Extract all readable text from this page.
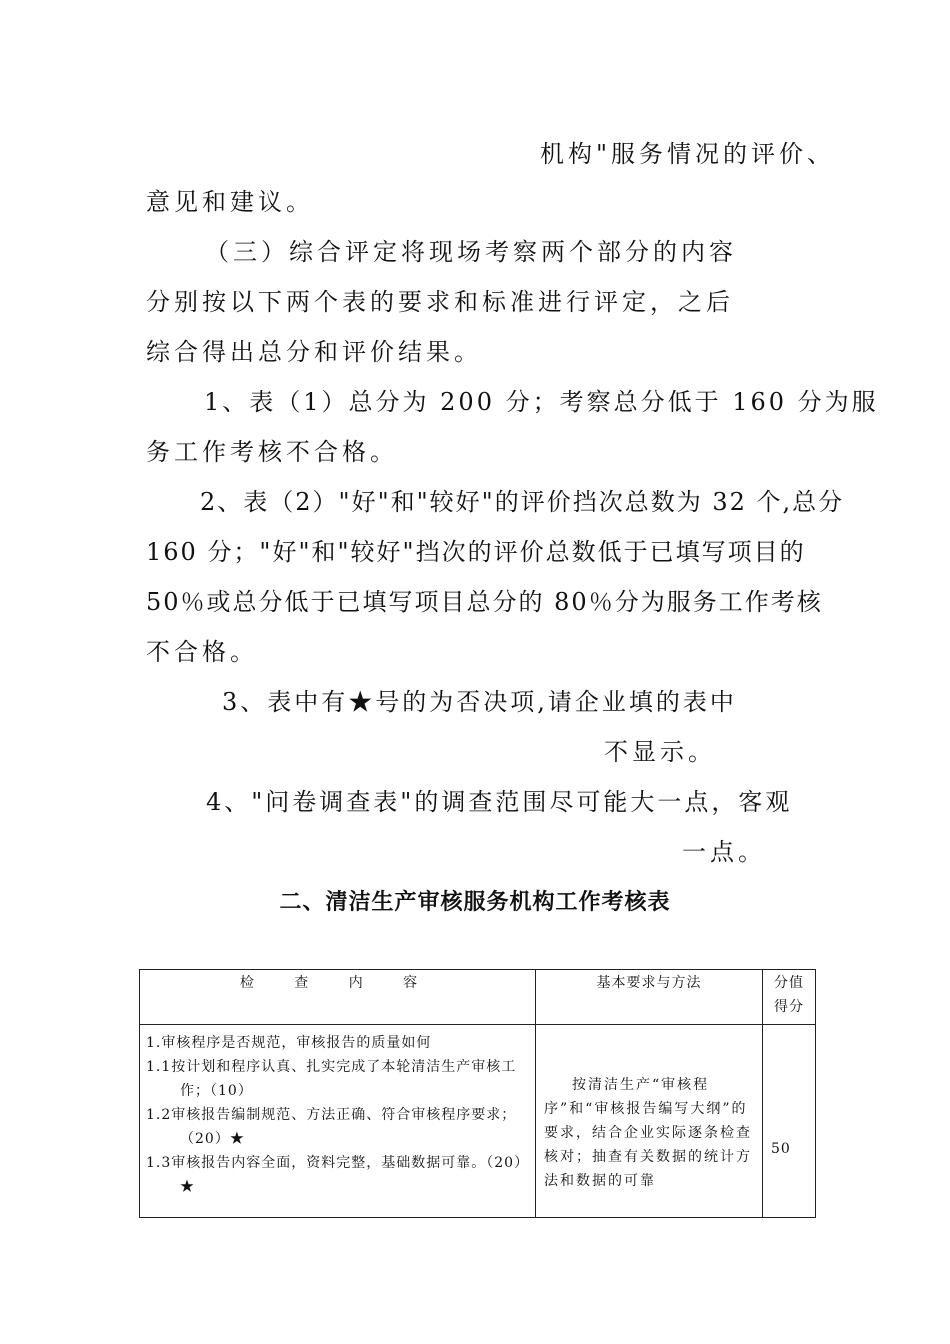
机构"服务情况的评价、
意见和建议。
（三）综合评定将现场考察两个部分的内容
分别按以下两个表的要求和标准进行评定，之后
综合得出总分和评价结果。
1、表（1）总分为 200 分；考察总分低于 160 分为服
务工作考核不合格。
2、表（2）"好"和"较好"的评价挡次总数为 32 个,总分
160 分；"好"和"较好"挡次的评价总数低于已填写项目的
50％或总分低于已填写项目总分的 80％分为服务工作考核
不合格。
3、表中有★号的为否决项,请企业填的表中
不显示。
4、"问卷调查表"的调查范围尽可能大一点，客观
一点。
二、清洁生产审核服务机构工作考核表
检 查 内 容	基本要求与方法	分值
得分

1.审核程序是否规范，审核报告的质量如何
1.1按计划和程序认真、扎实完成了本轮清洁生产审核工作；（10）
1.2审核报告编制规范、方法正确、符合审核程序要求；（20）★
1.3审核报告内容全面，资料完整，基础数据可靠。（20）★	按清洁生产“审核程序”和“审核报告编写大纲”的要求，结合企业实际逐条检查核对；抽查有关数据的统计方法和数据的可靠	50
